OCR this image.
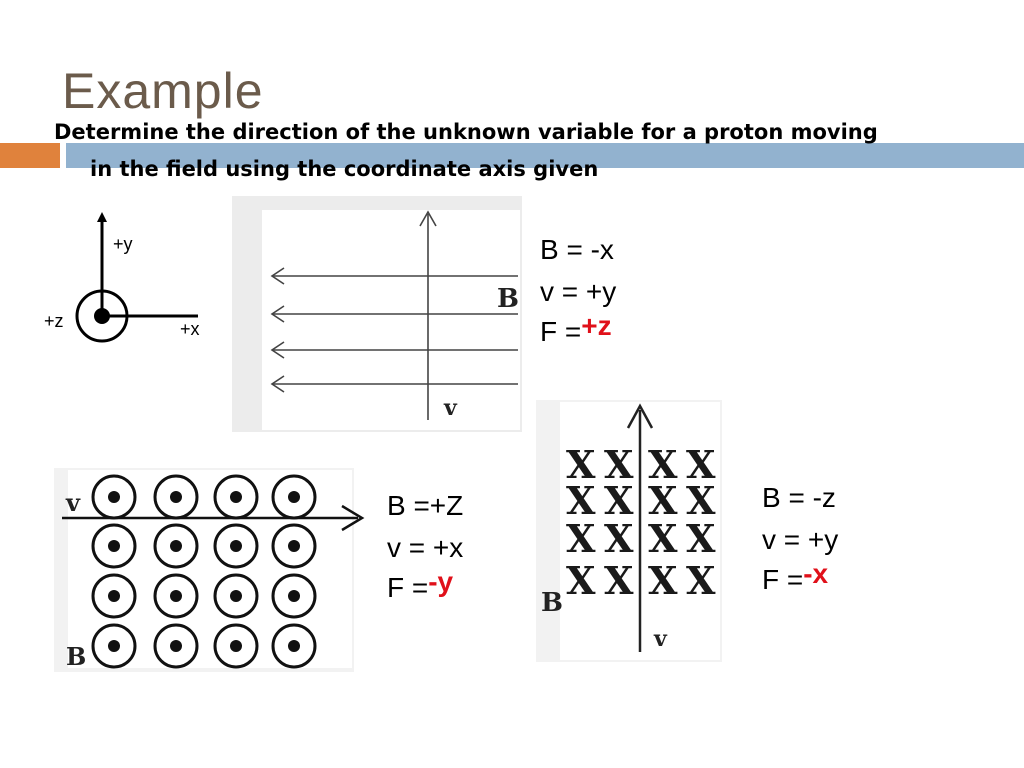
Example
Determine the direction of the unknown variable for a proton moving
in the field using the coordinate axis given
+y
+z	+x
B
v
B = -x
v = +y
F =+z
v
B
B =+Z
v = +x
F =-y
B
v
B = -z
v = +y
F =-x
X X X X
X X X X
X X X X
X X X X
